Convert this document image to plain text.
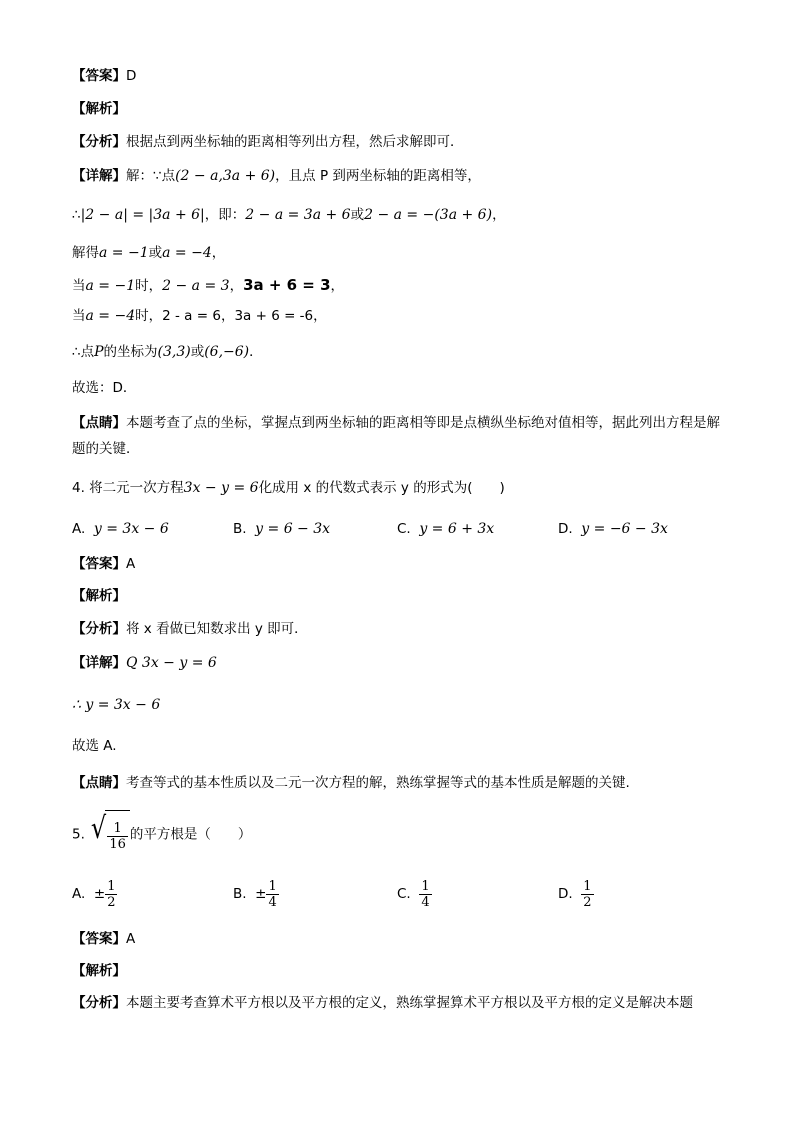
【答案】D
【解析】
【分析】根据点到两坐标轴的距离相等列出方程，然后求解即可．
【详解】解：∵点(2 − a,3a + 6)，且点 P 到两坐标轴的距离相等，
∴|2 − a| = |3a + 6|，即：2 − a = 3a + 6或2 − a = −(3a + 6)，
解得a = −1或a = −4，
当a = −1时，2 − a = 3，3a + 6 = 3，
当a = −4时，2 - a = 6，3a + 6 = -6，
∴点P的坐标为(3,3)或(6,−6)．
故选：D．
【点睛】本题考查了点的坐标，掌握点到两坐标轴的距离相等即是点横纵坐标绝对值相等，据此列出方程是解题的关键．
4. 将二元一次方程3x − y = 6化成用 x 的代数式表示 y 的形式为(　　)
A. y = 3x − 6	B. y = 6 − 3x	C. y = 6 + 3x	D. y = −6 − 3x
【答案】A
【解析】
【分析】将 x 看做已知数求出 y 即可．
【详解】Q 3x − y = 6
∴ y = 3x − 6
故选 A.
【点睛】考查等式的基本性质以及二元一次方程的解，熟练掌握等式的基本性质是解题的关键.
5. √ $\frac{1}{16}$ 的平方根是（　　）
A. ± $\frac{1}{2}$	B. ± $\frac{1}{4}$	C. $\frac{1}{4}$	D. $\frac{1}{2}$
【答案】A
【解析】
【分析】本题主要考查算术平方根以及平方根的定义，熟练掌握算术平方根以及平方根的定义是解决本题
